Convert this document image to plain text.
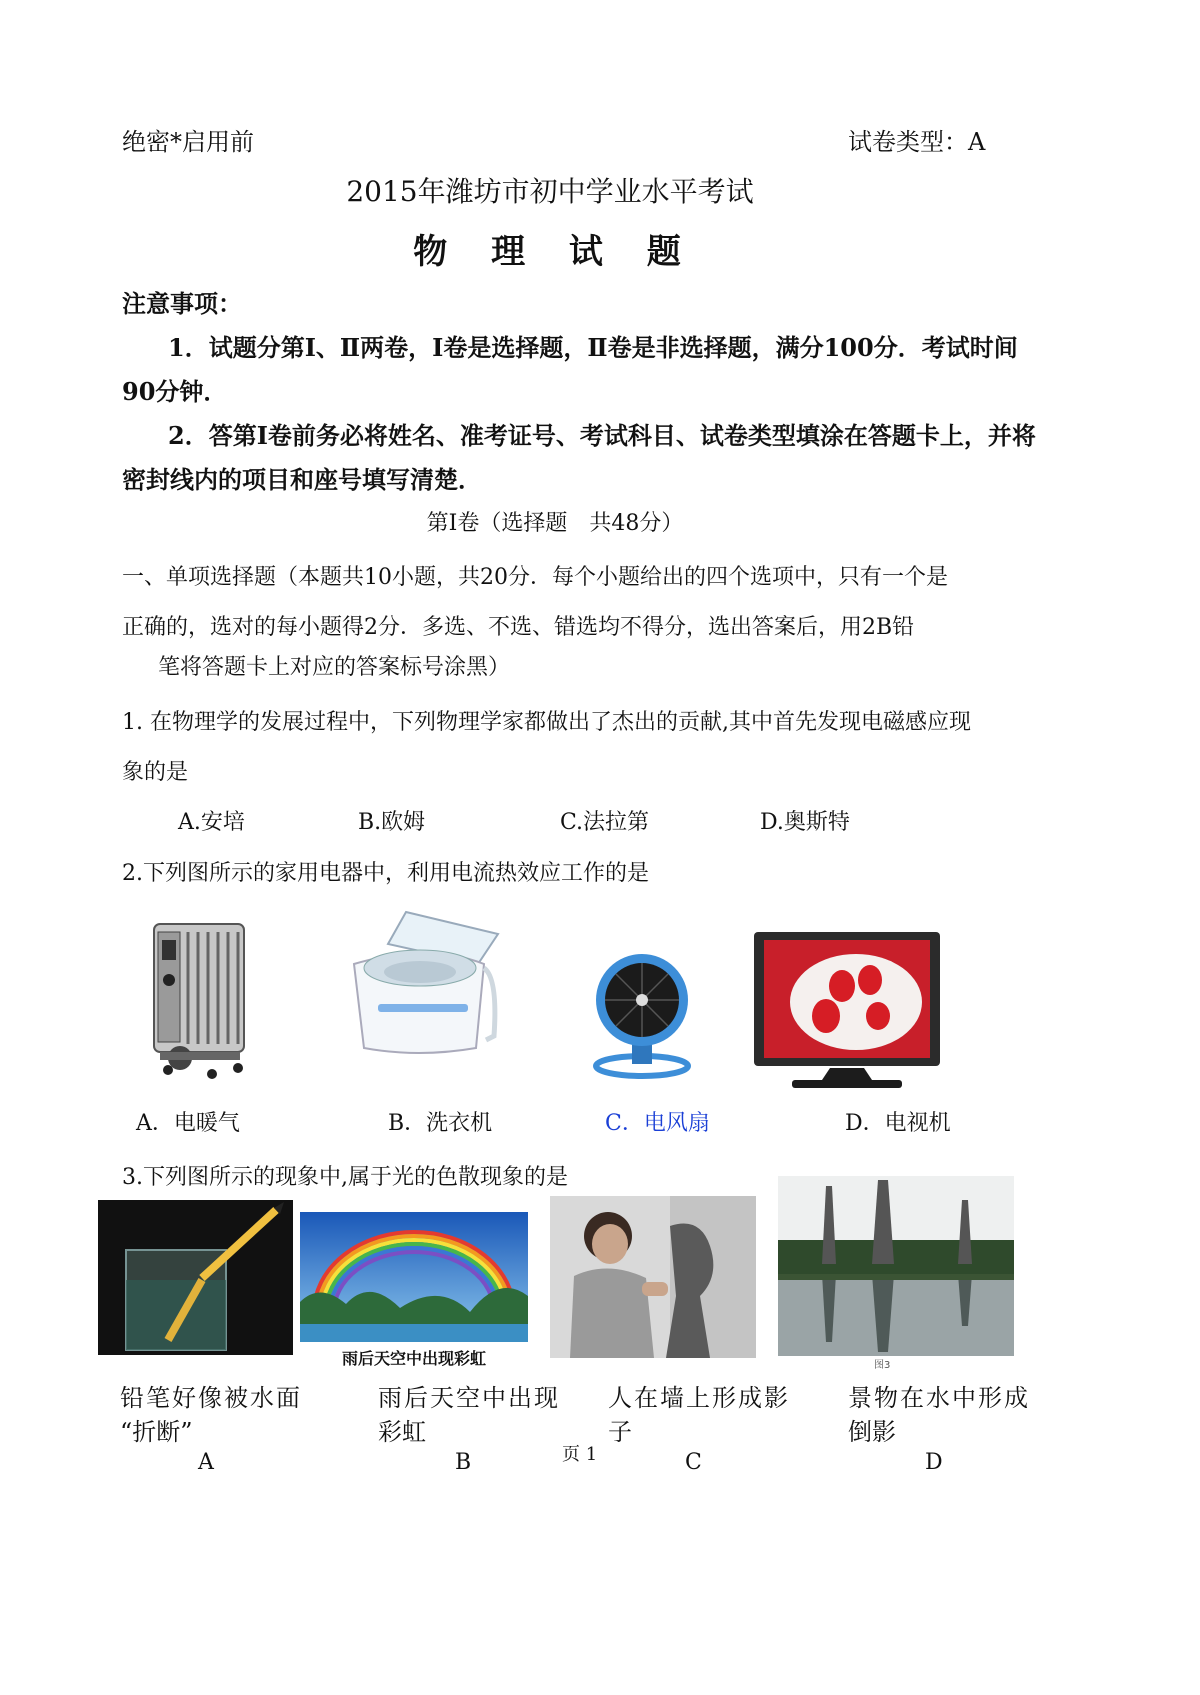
绝密*启用前	试卷类型：A
2015年潍坊市初中学业水平考试
物 理 试 题
注意事项：
1．试题分第Ⅰ、Ⅱ两卷，I卷是选择题，Ⅱ卷是非选择题，满分100分．考试时间
90分钟．
2．答第Ⅰ卷前务必将姓名、准考证号、考试科目、试卷类型填涂在答题卡上，并将
密封线内的项目和座号填写清楚．
第Ⅰ卷（选择题　共48分）
一、单项选择题（本题共10小题，共20分．每个小题给出的四个选项中，只有一个是
正确的，选对的每小题得2分．多选、不选、错选均不得分，选出答案后，用2B铅
笔将答题卡上对应的答案标号涂黑）
1. 在物理学的发展过程中，下列物理学家都做出了杰出的贡献,其中首先发现电磁感应现
象的是
A.安培	B.欧姆	C.法拉第	D.奥斯特
2.下列图所示的家用电器中，利用电流热效应工作的是
A．电暖气	B．洗衣机	C．电风扇	D．电视机
3.下列图所示的现象中,属于光的色散现象的是
雨后天空中出现彩虹	图3
铅笔好像被水面
“折断”
A
雨后天空中出现
彩虹
B
人在墙上形成影
子
C
景物在水中形成
倒影
D
页 1
